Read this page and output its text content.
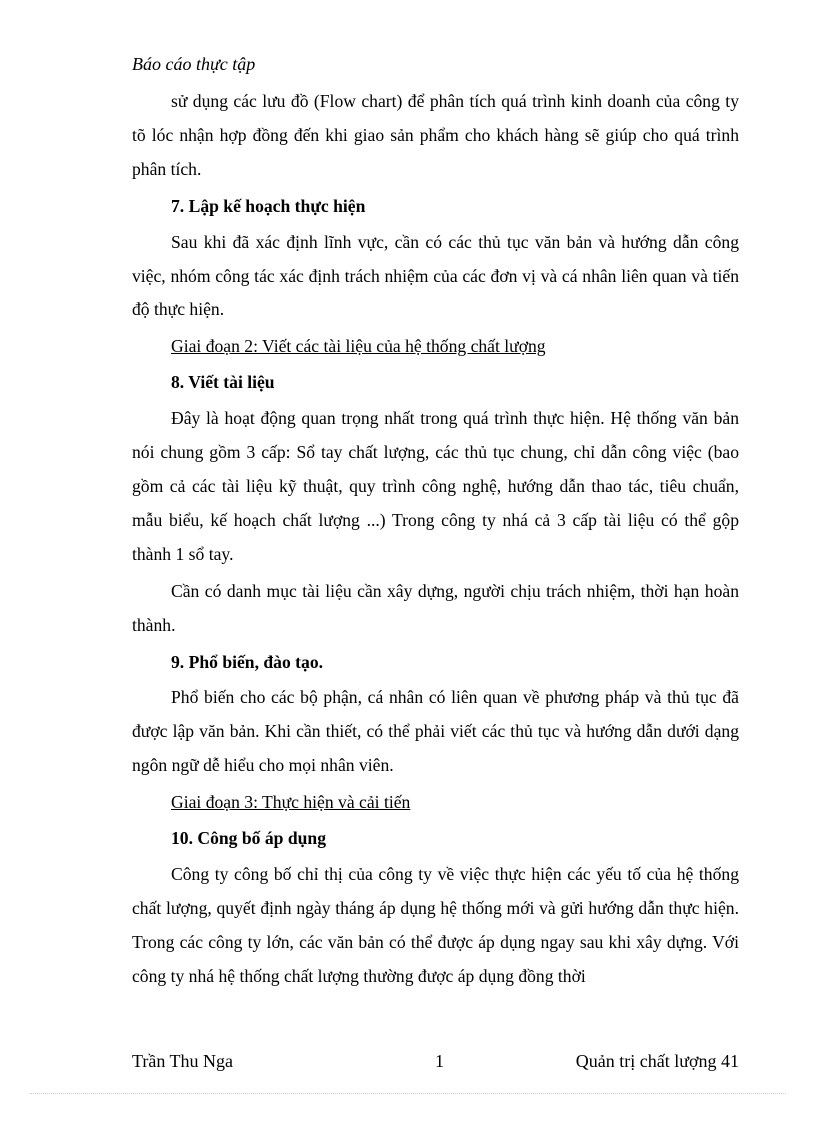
Báo cáo thực tập

sử dụng các lưu đồ (Flow chart) để phân tích quá trình kinh doanh của công ty tõ lóc nhận hợp đồng đến khi giao sản phẩm cho khách hàng sẽ giúp cho quá trình phân tích.

7. Lập kế hoạch thực hiện

Sau khi đã xác định lĩnh vực, cần có các thủ tục văn bản và hướng dẫn công việc, nhóm công tác xác định trách nhiệm của các đơn vị và cá nhân liên quan và tiến độ thực hiện.

Giai đoạn 2: Viết các tài liệu của hệ thống chất lượng

8. Viết tài liệu

Đây là hoạt động quan trọng nhất trong quá trình thực hiện. Hệ thống văn bản nói chung gồm 3 cấp: Sổ tay chất lượng, các thủ tục chung, chỉ dẫn công việc (bao gồm cả các tài liệu kỹ thuật, quy trình công nghệ, hướng dẫn thao tác, tiêu chuẩn, mẫu biểu, kế hoạch chất lượng ...) Trong công ty nhá cả 3 cấp tài liệu có thể gộp thành 1 sổ tay.

Cần có danh mục tài liệu cần xây dựng, người chịu trách nhiệm, thời hạn hoàn thành.

9. Phổ biến, đào tạo.

Phổ biến cho các bộ phận, cá nhân có liên quan về phương pháp và thủ tục đã được lập văn bản. Khi cần thiết, có thể phải viết các thủ tục và hướng dẫn dưới dạng ngôn ngữ dễ hiểu cho mọi nhân viên.

Giai đoạn 3: Thực hiện và cải tiến

10. Công bố áp dụng

Công ty công bố chỉ thị của công ty về việc thực hiện các yếu tố của hệ thống chất lượng, quyết định ngày tháng áp dụng hệ thống mới và gửi hướng dẫn thực hiện. Trong các công ty lớn, các văn bản có thể được áp dụng ngay sau khi xây dựng. Với công ty nhá hệ thống chất lượng thường được áp dụng đồng thời

Trần Thu Nga	1	Quản trị chất lượng 41
